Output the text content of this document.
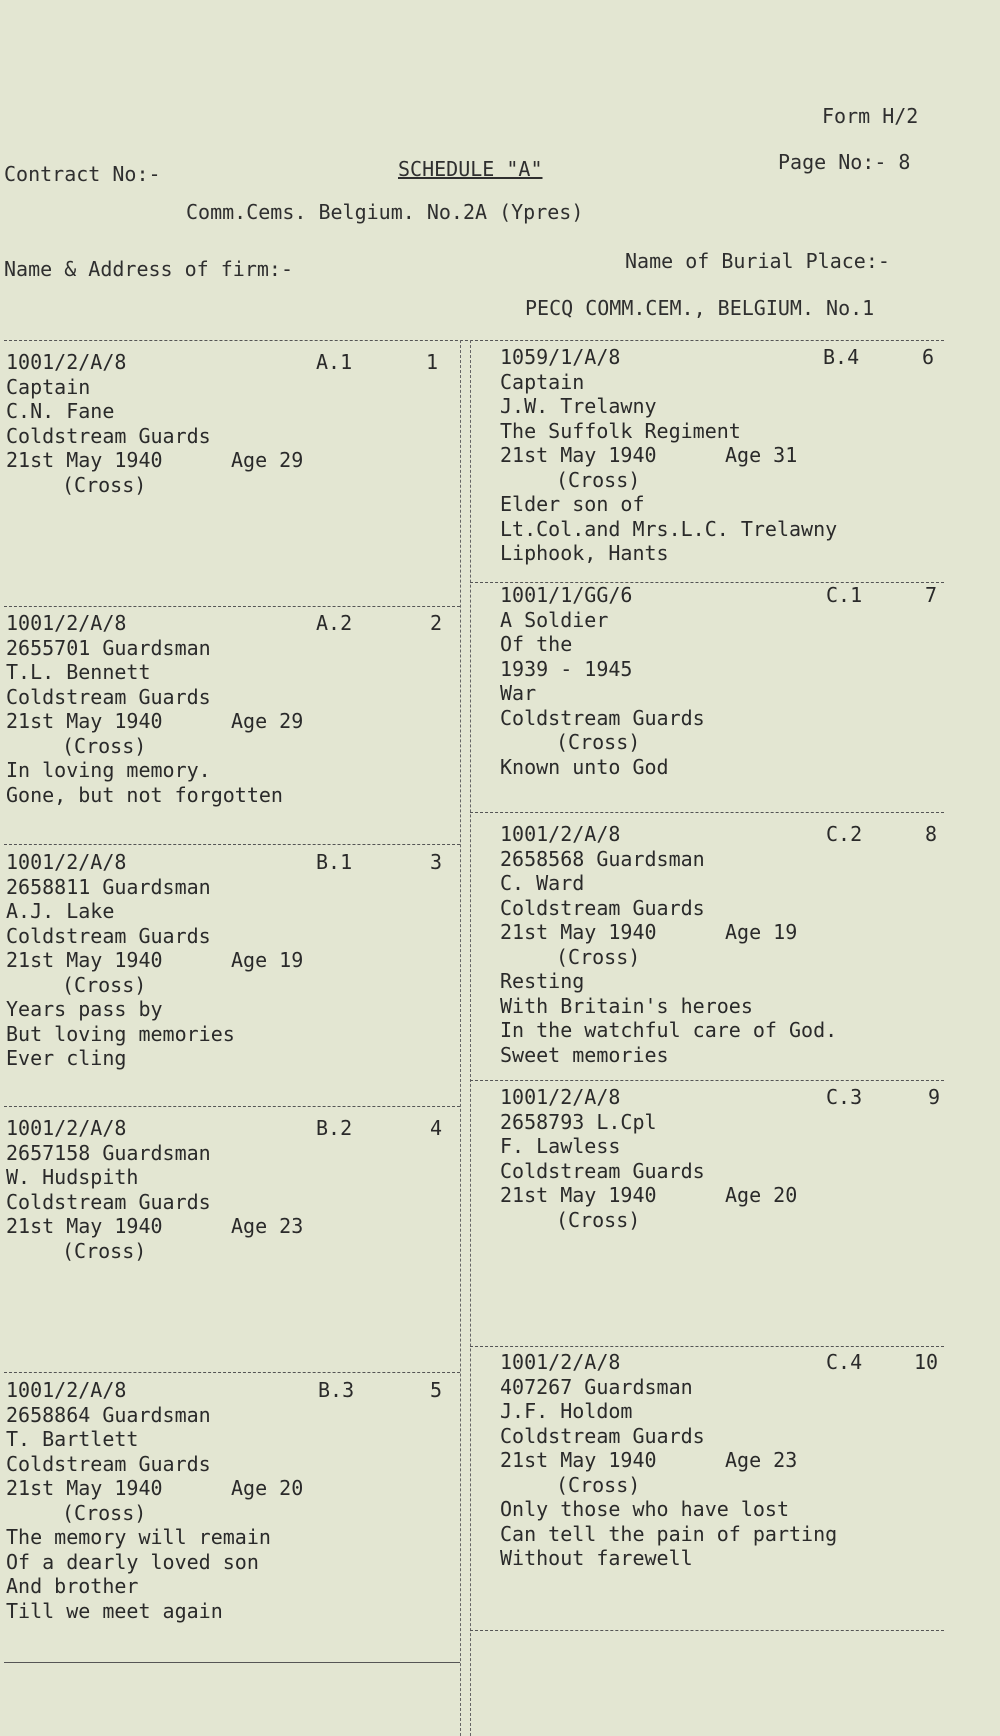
Form H/2
Contract No:-	SCHEDULE "A"	Page No:- 8
Comm.Cems. Belgium. No.2A (Ypres)
Name & Address of firm:-	Name of Burial Place:-
PECQ COMM.CEM., BELGIUM. No.1
1001/2/A/8	A.1	1
Captain
C.N. Fane
Coldstream Guards
21st May 1940	Age 29
(Cross)
1001/2/A/8	A.2	2
2655701 Guardsman
T.L. Bennett
Coldstream Guards
21st May 1940	Age 29
(Cross)
In loving memory.
Gone, but not forgotten
1001/2/A/8	B.1	3
2658811 Guardsman
A.J. Lake
Coldstream Guards
21st May 1940	Age 19
(Cross)
Years pass by
But loving memories
Ever cling
1001/2/A/8	B.2	4
2657158 Guardsman
W. Hudspith
Coldstream Guards
21st May 1940	Age 23
(Cross)
1001/2/A/8	B.3	5
2658864 Guardsman
T. Bartlett
Coldstream Guards
21st May 1940	Age 20
(Cross)
The memory will remain
Of a dearly loved son
And brother
Till we meet again
1059/1/A/8	B.4	6
Captain
J.W. Trelawny
The Suffolk Regiment
21st May 1940	Age 31
(Cross)
Elder son of
Lt.Col.and Mrs.L.C. Trelawny
Liphook, Hants
1001/1/GG/6	C.1	7
A Soldier
Of the
1939 - 1945
War
Coldstream Guards
(Cross)
Known unto God
1001/2/A/8	C.2	8
2658568 Guardsman
C. Ward
Coldstream Guards
21st May 1940	Age 19
(Cross)
Resting
With Britain's heroes
In the watchful care of God.
Sweet memories
1001/2/A/8	C.3	9
2658793 L.Cpl
F. Lawless
Coldstream Guards
21st May 1940	Age 20
(Cross)
1001/2/A/8	C.4	10
407267 Guardsman
J.F. Holdom
Coldstream Guards
21st May 1940	Age 23
(Cross)
Only those who have lost
Can tell the pain of parting
Without farewell
